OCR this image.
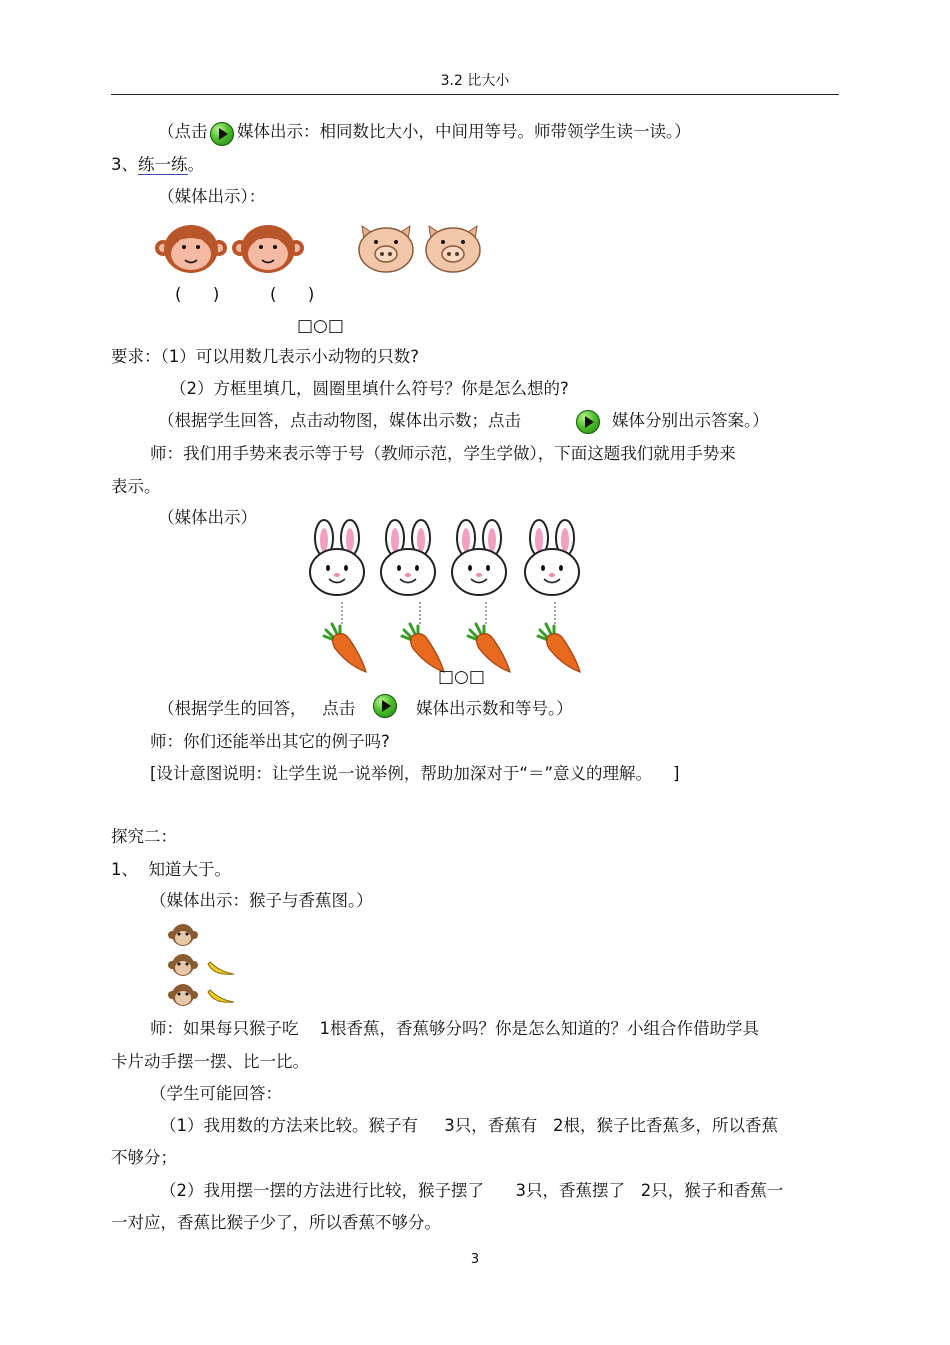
3.2 比大小
（点击 媒体出示：相同数比大小，中间用等号。师带领学生读一读。）
3、练一练。
（媒体出示）：
(      )	(      )
□○□
要求：（1）可以用数几表示小动物的只数?
（2）方框里填几，圆圈里填什么符号？你是怎么想的?
（根据学生回答，点击动物图，媒体出示数；点击	媒体分别出示答案。）
师：我们用手势来表示等于号（教师示范，学生学做），下面这题我们就用手势来
表示。
（媒体出示）
□○□
（根据学生的回答，   点击	媒体出示数和等号。）
师：你们还能举出其它的例子吗?
[设计意图说明：让学生说一说举例，帮助加深对于“＝”意义的理解。    ]
探究二：
1、  知道大于。
（媒体出示：猴子与香蕉图。）
师：如果每只猴子吃    1根香蕉，香蕉够分吗？你是怎么知道的？小组合作借助学具
卡片动手摆一摆、比一比。
（学生可能回答：
（1）我用数的方法来比较。猴子有     3只，香蕉有   2根，猴子比香蕉多，所以香蕉
不够分；
（2）我用摆一摆的方法进行比较，猴子摆了      3只，香蕉摆了   2只，猴子和香蕉一
一对应，香蕉比猴子少了，所以香蕉不够分。
3
